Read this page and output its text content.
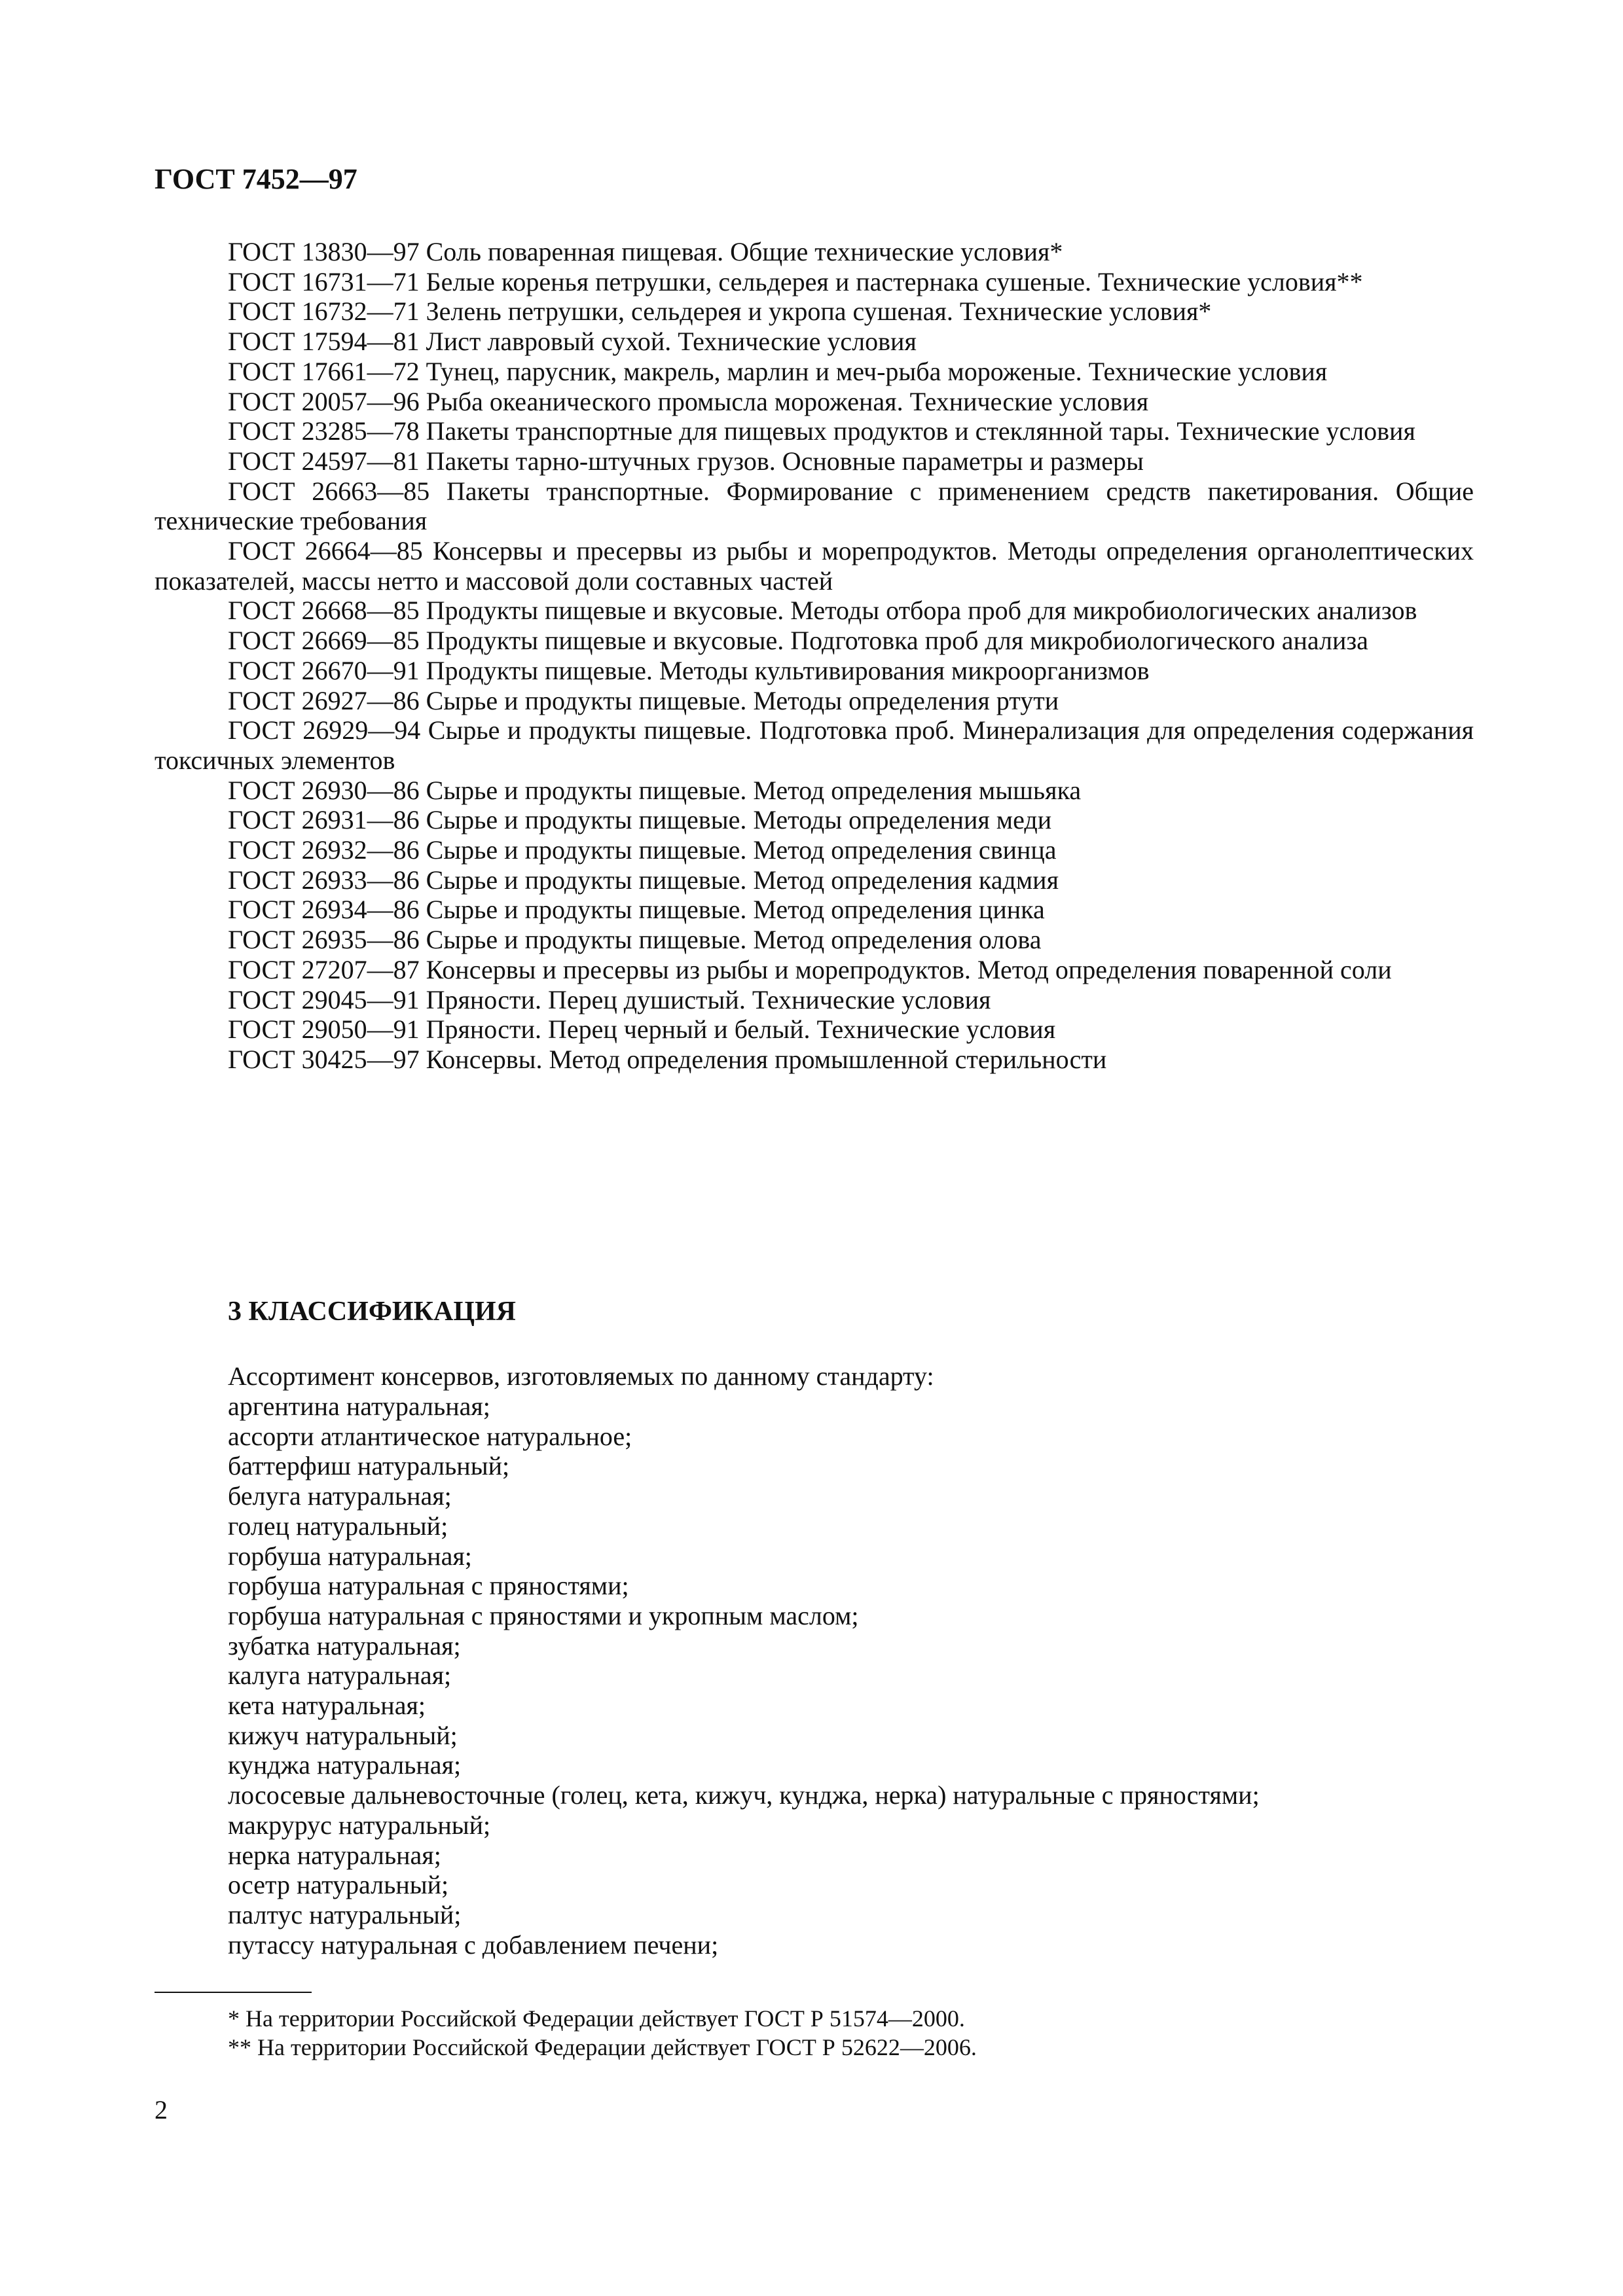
ГОСТ 7452—97

ГОСТ 13830—97 Соль поваренная пищевая. Общие технические условия*

ГОСТ 16731—71 Белые коренья петрушки, сельдерея и пастернака сушеные. Технические условия**

ГОСТ 16732—71 Зелень петрушки, сельдерея и укропа сушеная. Технические условия*

ГОСТ 17594—81 Лист лавровый сухой. Технические условия

ГОСТ 17661—72 Тунец, парусник, макрель, марлин и меч-рыба мороженые. Технические условия

ГОСТ 20057—96 Рыба океанического промысла мороженая. Технические условия

ГОСТ 23285—78 Пакеты транспортные для пищевых продуктов и стеклянной тары. Технические условия

ГОСТ 24597—81 Пакеты тарно-штучных грузов. Основные параметры и размеры

ГОСТ 26663—85 Пакеты транспортные. Формирование с применением средств пакетирования. Общие технические требования

ГОСТ 26664—85 Консервы и пресервы из рыбы и морепродуктов. Методы определения органолептических показателей, массы нетто и массовой доли составных частей

ГОСТ 26668—85 Продукты пищевые и вкусовые. Методы отбора проб для микробиологических анализов

ГОСТ 26669—85 Продукты пищевые и вкусовые. Подготовка проб для микробиологического анализа

ГОСТ 26670—91 Продукты пищевые. Методы культивирования микроорганизмов

ГОСТ 26927—86 Сырье и продукты пищевые. Методы определения ртути

ГОСТ 26929—94 Сырье и продукты пищевые. Подготовка проб. Минерализация для определения содержания токсичных элементов

ГОСТ 26930—86 Сырье и продукты пищевые. Метод определения мышьяка

ГОСТ 26931—86 Сырье и продукты пищевые. Методы определения меди

ГОСТ 26932—86 Сырье и продукты пищевые. Метод определения свинца

ГОСТ 26933—86 Сырье и продукты пищевые. Метод определения кадмия

ГОСТ 26934—86 Сырье и продукты пищевые. Метод определения цинка

ГОСТ 26935—86 Сырье и продукты пищевые. Метод определения олова

ГОСТ 27207—87 Консервы и пресервы из рыбы и морепродуктов. Метод определения поваренной соли

ГОСТ 29045—91 Пряности. Перец душистый. Технические условия

ГОСТ 29050—91 Пряности. Перец черный и белый. Технические условия

ГОСТ 30425—97 Консервы. Метод определения промышленной стерильности

3 КЛАССИФИКАЦИЯ

Ассортимент консервов, изготовляемых по данному стандарту:

аргентина натуральная;
ассорти атлантическое натуральное;
баттерфиш натуральный;
белуга натуральная;
голец натуральный;
горбуша натуральная;
горбуша натуральная с пряностями;
горбуша натуральная с пряностями и укропным маслом;
зубатка натуральная;
калуга натуральная;
кета натуральная;
кижуч натуральный;
кунджа натуральная;
лососевые дальневосточные (голец, кета, кижуч, кунджа, нерка) натуральные с пряностями;
макрурус натуральный;
нерка натуральная;
осетр натуральный;
палтус натуральный;
путассу натуральная с добавлением печени;

* На территории Российской Федерации действует ГОСТ Р 51574—2000.

** На территории Российской Федерации действует ГОСТ Р 52622—2006.

2
